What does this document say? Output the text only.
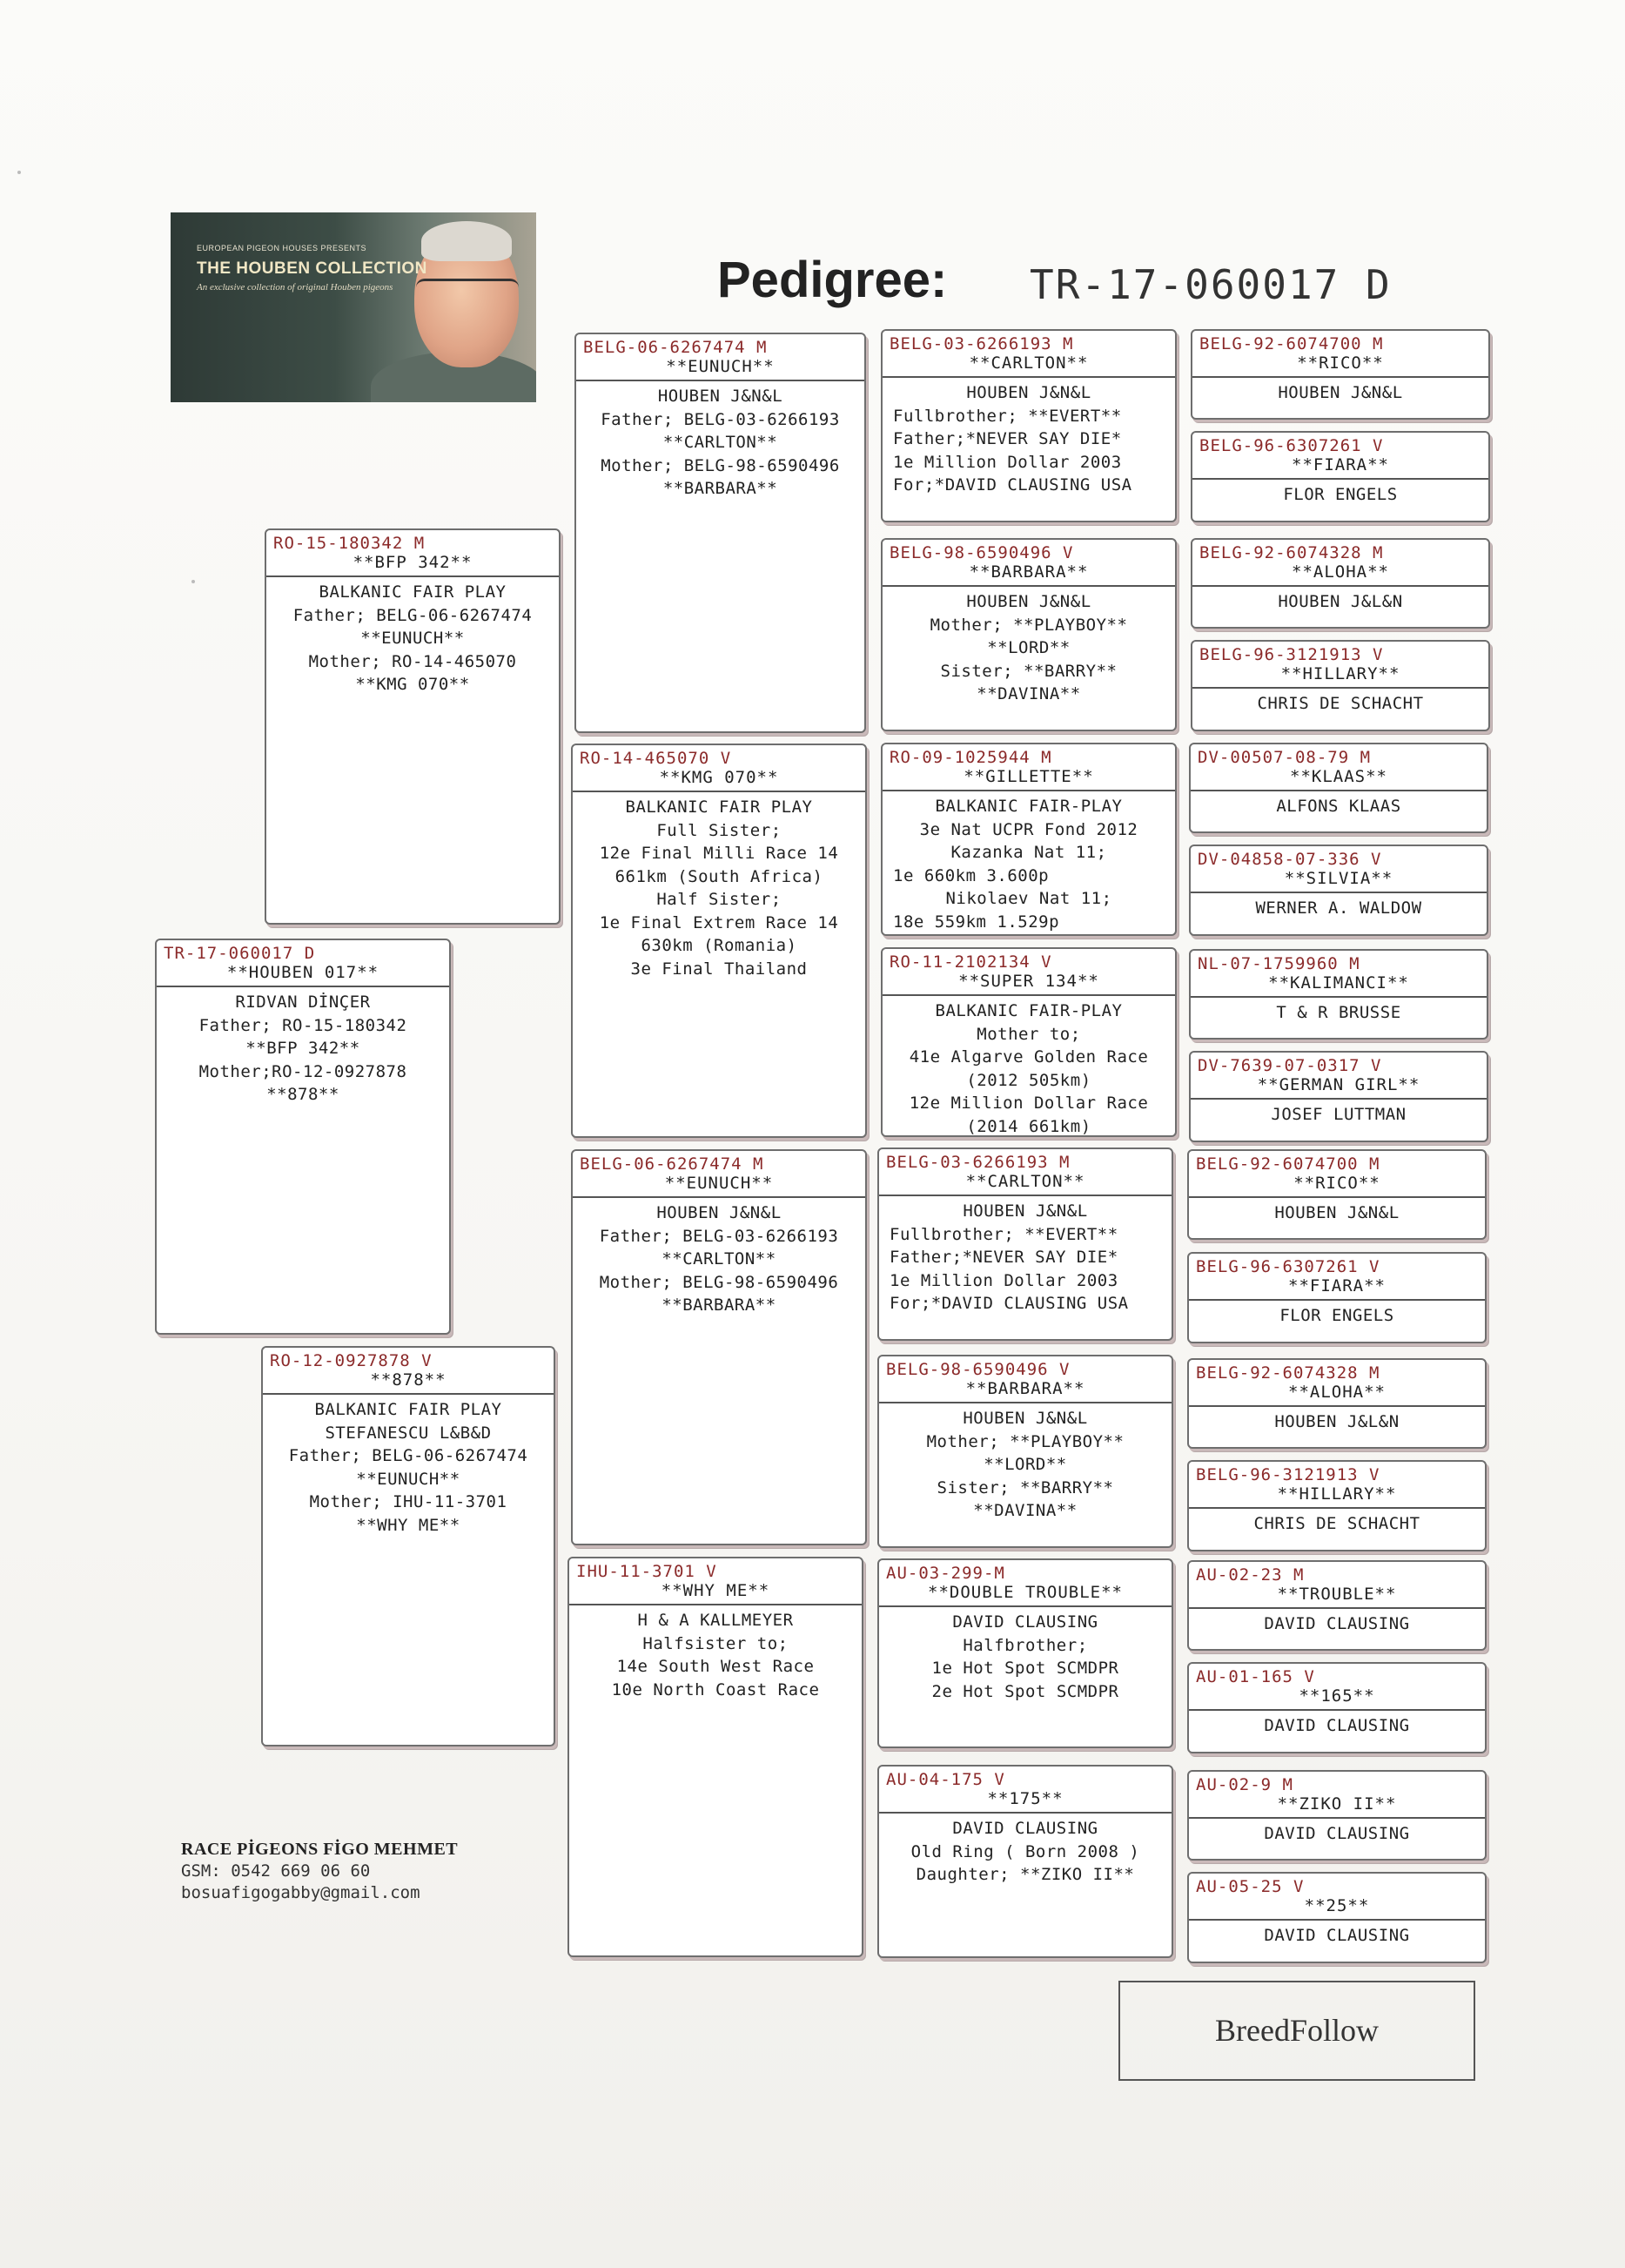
EUROPEAN PIGEON HOUSES PRESENTS
THE HOUBEN COLLECTION
An exclusive collection of original Houben pigeons	Pedigree: TR-17-060017 D
TR-17-060017 D
**HOUBEN 017**
RIDVAN DİNÇER
Father; RO-15-180342
**BFP 342**
Mother;RO-12-0927878
**878**
RO-15-180342 M
**BFP 342**
BALKANIC FAIR PLAY
Father; BELG-06-6267474
**EUNUCH**
Mother; RO-14-465070
**KMG 070**
RO-12-0927878 V
**878**
BALKANIC FAIR PLAY
STEFANESCU L&B&D
Father; BELG-06-6267474
**EUNUCH**
Mother; IHU-11-3701
**WHY ME**
BELG-06-6267474 M
**EUNUCH**
HOUBEN J&N&L
Father; BELG-03-6266193
**CARLTON**
Mother; BELG-98-6590496
**BARBARA**
RO-14-465070 V
**KMG 070**
BALKANIC FAIR PLAY
Full Sister;
12e Final Milli Race 14
661km (South Africa)
Half Sister;
1e Final Extrem Race 14
630km (Romania)
3e Final Thailand
BELG-06-6267474 M
**EUNUCH**
HOUBEN J&N&L
Father; BELG-03-6266193
**CARLTON**
Mother; BELG-98-6590496
**BARBARA**
IHU-11-3701 V
**WHY ME**
H & A KALLMEYER
Halfsister to;
14e South West Race
10e North Coast Race
BELG-03-6266193 M
**CARLTON**
HOUBEN J&N&L
Fullbrother; **EVERT**
Father;*NEVER SAY DIE*
1e Million Dollar 2003
For;*DAVID CLAUSING USA
BELG-98-6590496 V
**BARBARA**
HOUBEN J&N&L
Mother; **PLAYBOY**
**LORD**
Sister; **BARRY**
**DAVINA**
RO-09-1025944 M
**GILLETTE**
BALKANIC FAIR-PLAY
3e Nat UCPR Fond 2012
Kazanka Nat 11;
1e 660km 3.600p
Nikolaev Nat 11;
18e 559km 1.529p
RO-11-2102134 V
**SUPER 134**
BALKANIC FAIR-PLAY
Mother to;
41e Algarve Golden Race
(2012 505km)
12e Million Dollar Race
(2014 661km)
BELG-03-6266193 M
**CARLTON**
HOUBEN J&N&L
Fullbrother; **EVERT**
Father;*NEVER SAY DIE*
1e Million Dollar 2003
For;*DAVID CLAUSING USA
BELG-98-6590496 V
**BARBARA**
HOUBEN J&N&L
Mother; **PLAYBOY**
**LORD**
Sister; **BARRY**
**DAVINA**
AU-03-299-M
**DOUBLE TROUBLE**
DAVID CLAUSING
Halfbrother;
1e Hot Spot SCMDPR
2e Hot Spot SCMDPR
AU-04-175 V
**175**
DAVID CLAUSING
Old Ring ( Born 2008 )
Daughter; **ZIKO II**
BELG-92-6074700 M
**RICO**
HOUBEN J&N&L
BELG-96-6307261 V
**FIARA**
FLOR ENGELS
BELG-92-6074328 M
**ALOHA**
HOUBEN J&L&N
BELG-96-3121913 V
**HILLARY**
CHRIS DE SCHACHT
DV-00507-08-79 M
**KLAAS**
ALFONS KLAAS
DV-04858-07-336 V
**SILVIA**
WERNER A. WALDOW
NL-07-1759960 M
**KALIMANCI**
T & R BRUSSE
DV-7639-07-0317 V
**GERMAN GIRL**
JOSEF LUTTMAN
BELG-92-6074700 M
**RICO**
HOUBEN J&N&L
BELG-96-6307261 V
**FIARA**
FLOR ENGELS
BELG-92-6074328 M
**ALOHA**
HOUBEN J&L&N
BELG-96-3121913 V
**HILLARY**
CHRIS DE SCHACHT
AU-02-23 M
**TROUBLE**
DAVID CLAUSING
AU-01-165 V
**165**
DAVID CLAUSING
AU-02-9 M
**ZIKO II**
DAVID CLAUSING
AU-05-25 V
**25**
DAVID CLAUSING
RACE PİGEONS FİGO MEHMET
GSM: 0542 669 06 60
bosuafigogabby@gmail.com
BreedFollow
